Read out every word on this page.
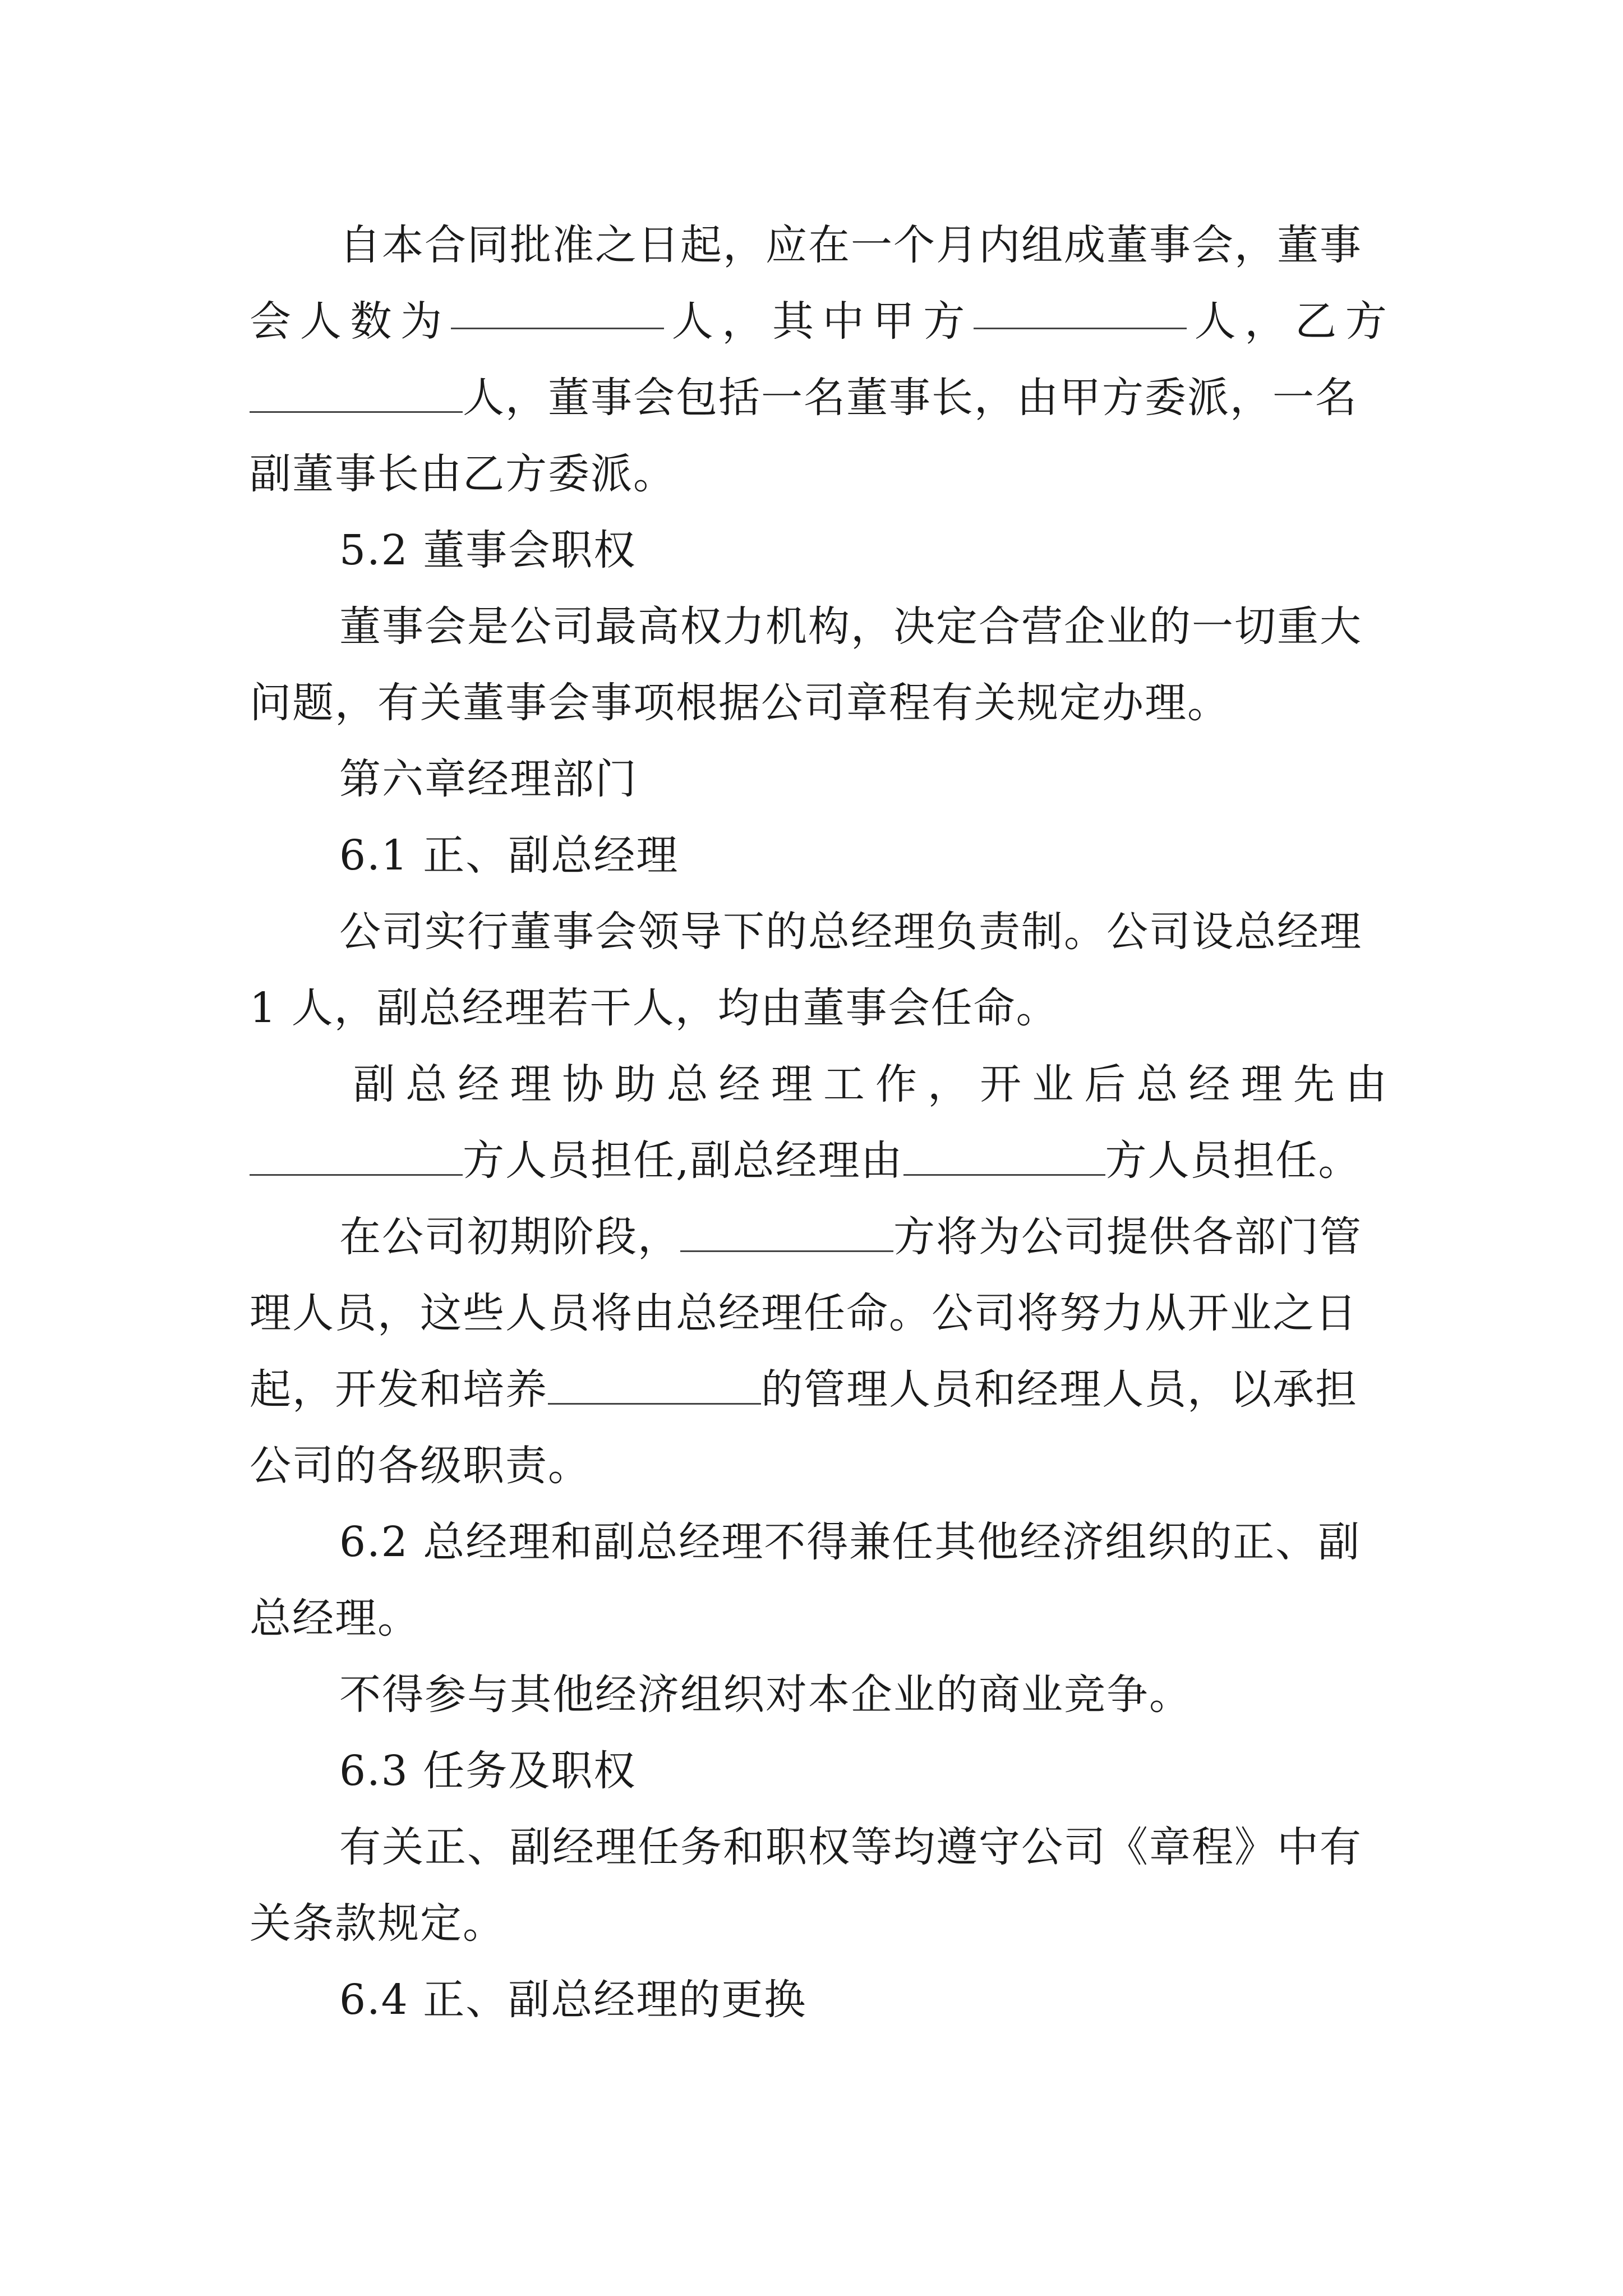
自本合同批准之日起，应在一个月内组成董事会，董事
会 人 数 为	人 ， 其 中 甲 方	人 ， 乙 方
人，董事会包括一名董事长，由甲方委派，一名
副董事长由乙方委派。
5.2 董事会职权
董事会是公司最高权力机构，决定合营企业的一切重大
问题，有关董事会事项根据公司章程有关规定办理。
第六章经理部门
6.1 正、副总经理
公司实行董事会领导下的总经理负责制。公司设总经理
1 人，副总经理若干人，均由董事会任命。
副 总 经 理 协 助 总 经 理 工 作 ， 开 业 后 总 经 理 先 由
方人员担任,副总经理由	方人员担任。
在公司初期阶段，	方将为公司提供各部门管
理人员，这些人员将由总经理任命。公司将努力从开业之日
起，开发和培养	的管理人员和经理人员，以承担
公司的各级职责。
6.2 总经理和副总经理不得兼任其他经济组织的正、副
总经理。
不得参与其他经济组织对本企业的商业竞争。
6.3 任务及职权
有关正、副经理任务和职权等均遵守公司《章程》中有
关条款规定。
6.4 正、副总经理的更换
